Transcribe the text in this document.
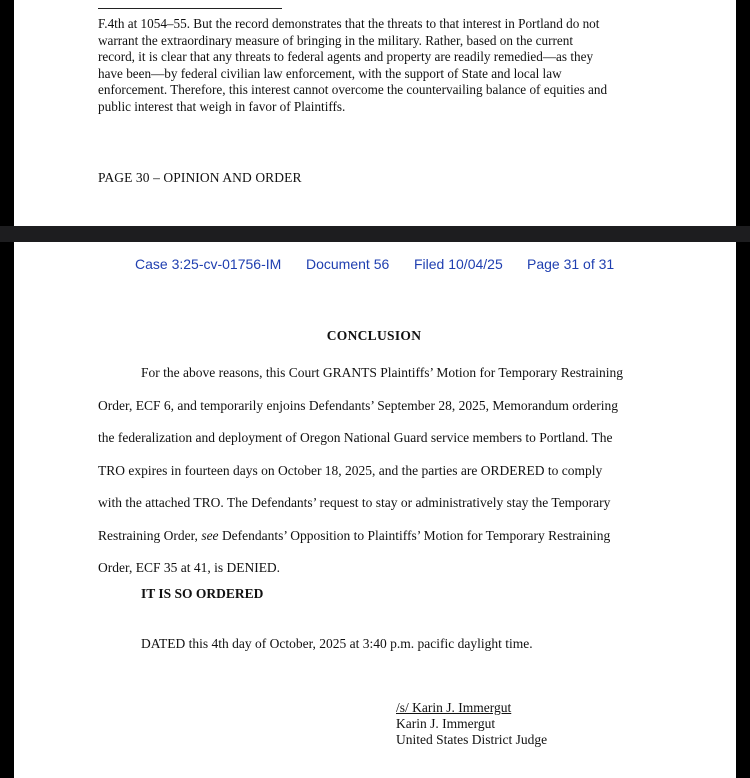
F.4th at 1054–55. But the record demonstrates that the threats to that interest in Portland do not
warrant the extraordinary measure of bringing in the military. Rather, based on the current
record, it is clear that any threats to federal agents and property are readily remedied—as they
have been—by federal civilian law enforcement, with the support of State and local law
enforcement. Therefore, this interest cannot overcome the countervailing balance of equities and
public interest that weigh in favor of Plaintiffs.
PAGE 30 – OPINION AND ORDER
Case 3:25-cv-01756-IM Document 56 Filed 10/04/25 Page 31 of 31
CONCLUSION
For the above reasons, this Court GRANTS Plaintiffs’ Motion for Temporary Restraining
Order, ECF 6, and temporarily enjoins Defendants’ September 28, 2025, Memorandum ordering
the federalization and deployment of Oregon National Guard service members to Portland. The
TRO expires in fourteen days on October 18, 2025, and the parties are ORDERED to comply
with the attached TRO. The Defendants’ request to stay or administratively stay the Temporary
Restraining Order, see Defendants’ Opposition to Plaintiffs’ Motion for Temporary Restraining
Order, ECF 35 at 41, is DENIED.
IT IS SO ORDERED
DATED this 4th day of October, 2025 at 3:40 p.m. pacific daylight time.
/s/ Karin J. Immergut
Karin J. Immergut
United States District Judge
